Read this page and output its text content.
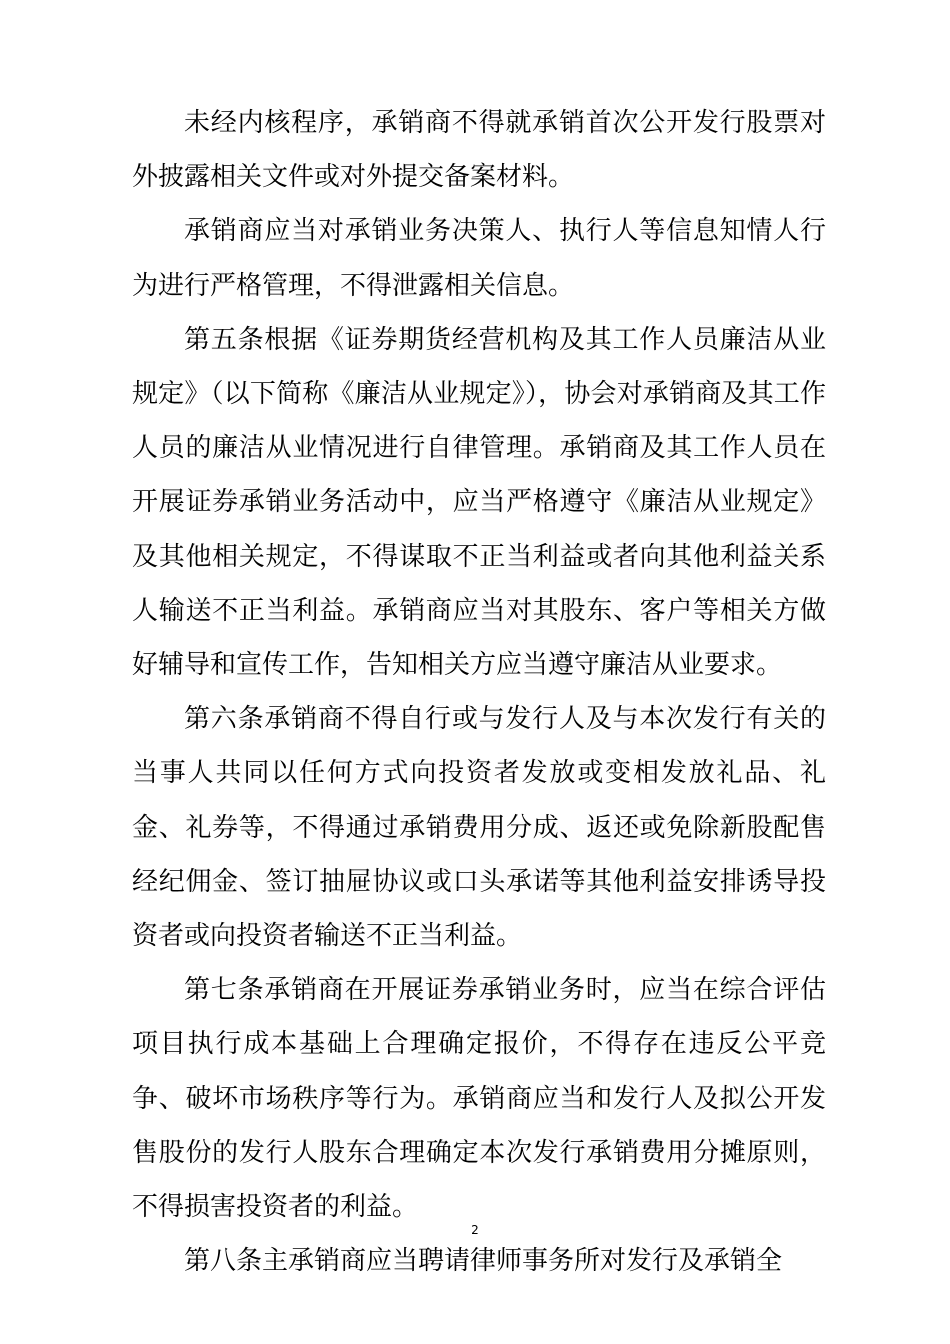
未经内核程序，承销商不得就承销首次公开发行股票对外披露相关文件或对外提交备案材料。

承销商应当对承销业务决策人、执行人等信息知情人行为进行严格管理，不得泄露相关信息。

第五条根据《证券期货经营机构及其工作人员廉洁从业规定》（以下简称《廉洁从业规定》），协会对承销商及其工作人员的廉洁从业情况进行自律管理。承销商及其工作人员在开展证券承销业务活动中，应当严格遵守《廉洁从业规定》及其他相关规定，不得谋取不正当利益或者向其他利益关系人输送不正当利益。承销商应当对其股东、客户等相关方做好辅导和宣传工作，告知相关方应当遵守廉洁从业要求。

第六条承销商不得自行或与发行人及与本次发行有关的当事人共同以任何方式向投资者发放或变相发放礼品、礼金、礼券等，不得通过承销费用分成、返还或免除新股配售经纪佣金、签订抽屉协议或口头承诺等其他利益安排诱导投资者或向投资者输送不正当利益。

第七条承销商在开展证券承销业务时，应当在综合评估项目执行成本基础上合理确定报价，不得存在违反公平竞争、破坏市场秩序等行为。承销商应当和发行人及拟公开发售股份的发行人股东合理确定本次发行承销费用分摊原则，不得损害投资者的利益。

第八条主承销商应当聘请律师事务所对发行及承销全

2
